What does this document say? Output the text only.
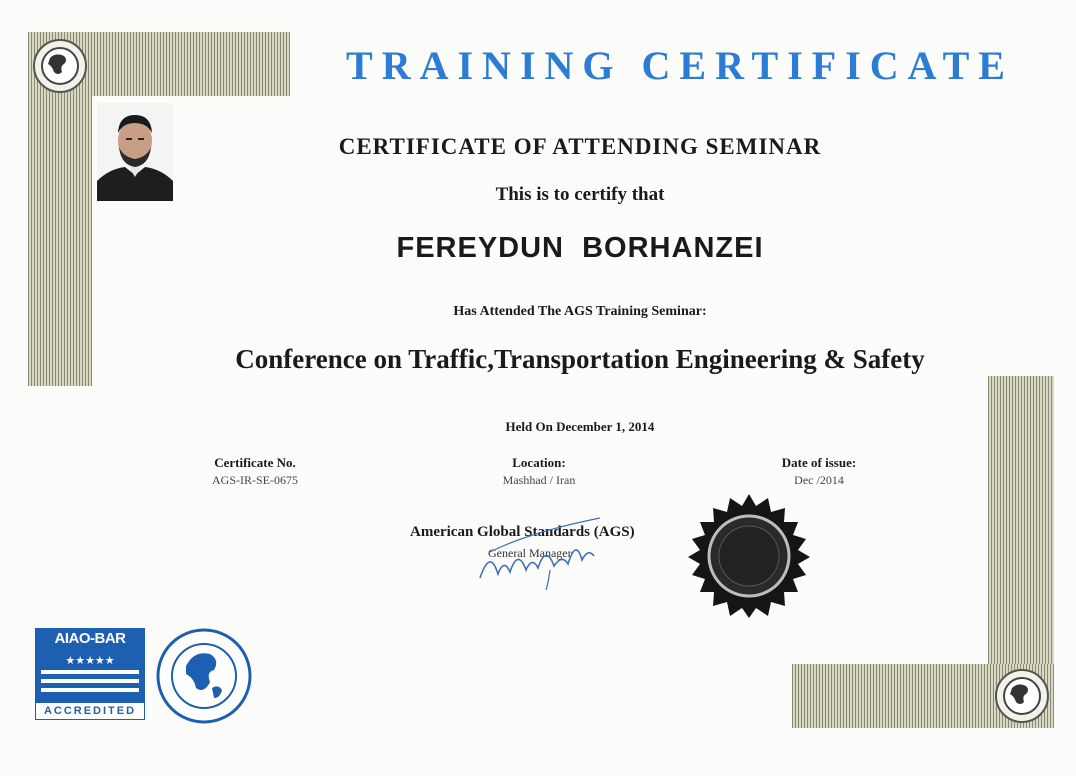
TRAINING CERTIFICATE
CERTIFICATE OF ATTENDING SEMINAR
This is to certify that
FEREYDUN  BORHANZEI
Has Attended The AGS Training Seminar:
Conference on Traffic,Transportation Engineering & Safety
Held On December 1, 2014
Certificate No.
AGS-IR-SE-0675
Location:
Mashhad / Iran
Date of issue:
Dec /2014
American Global Standards (AGS)
General Manager
AIAO-BAR
★★★★★
ACCREDITED
